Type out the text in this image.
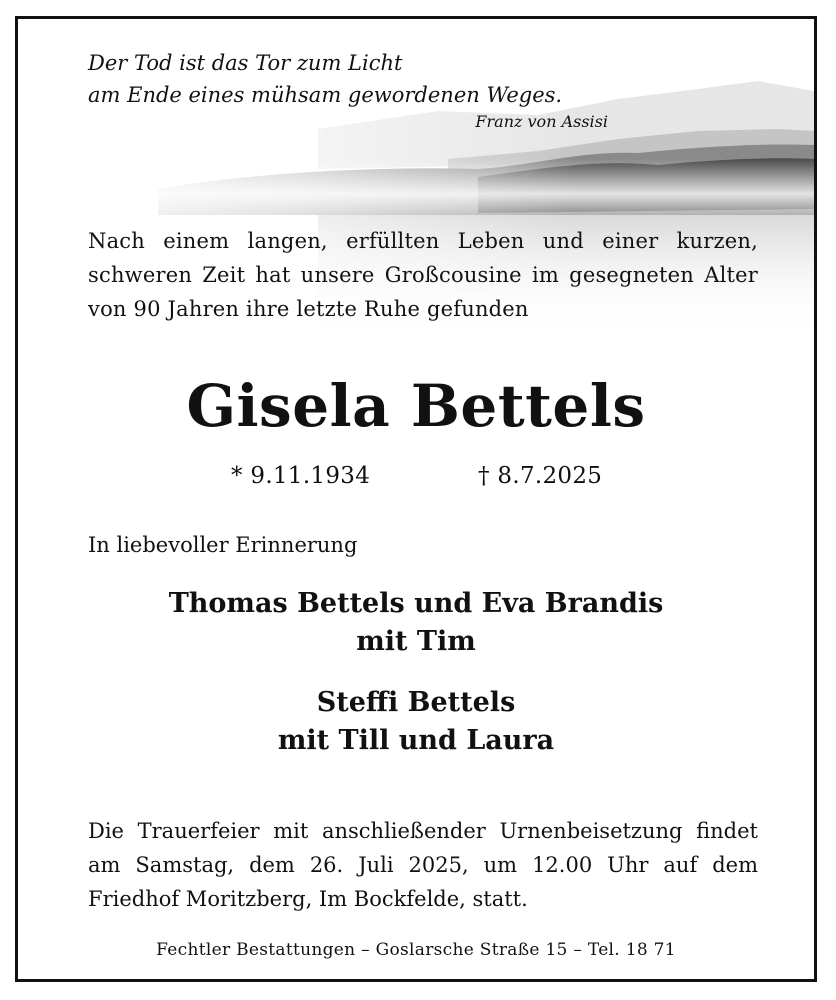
Der Tod ist das Tor zum Licht
am Ende eines mühsam gewordenen Weges.
Franz von Assisi
Nach einem langen, erfüllten Leben und einer kurzen, schweren Zeit hat unsere Großcousine im gesegneten Alter von 90 Jahren ihre letzte Ruhe gefunden
Gisela Bettels
* 9.11.1934	† 8.7.2025
In liebevoller Erinnerung
Thomas Bettels und Eva Brandis
mit Tim
Steffi Bettels
mit Till und Laura
Die Trauerfeier mit anschließender Urnenbeisetzung findet am Samstag, dem 26. Juli 2025, um 12.00 Uhr auf dem Friedhof Moritzberg, Im Bockfelde, statt.
Fechtler Bestattungen – Goslarsche Straße 15 – Tel. 18 71
